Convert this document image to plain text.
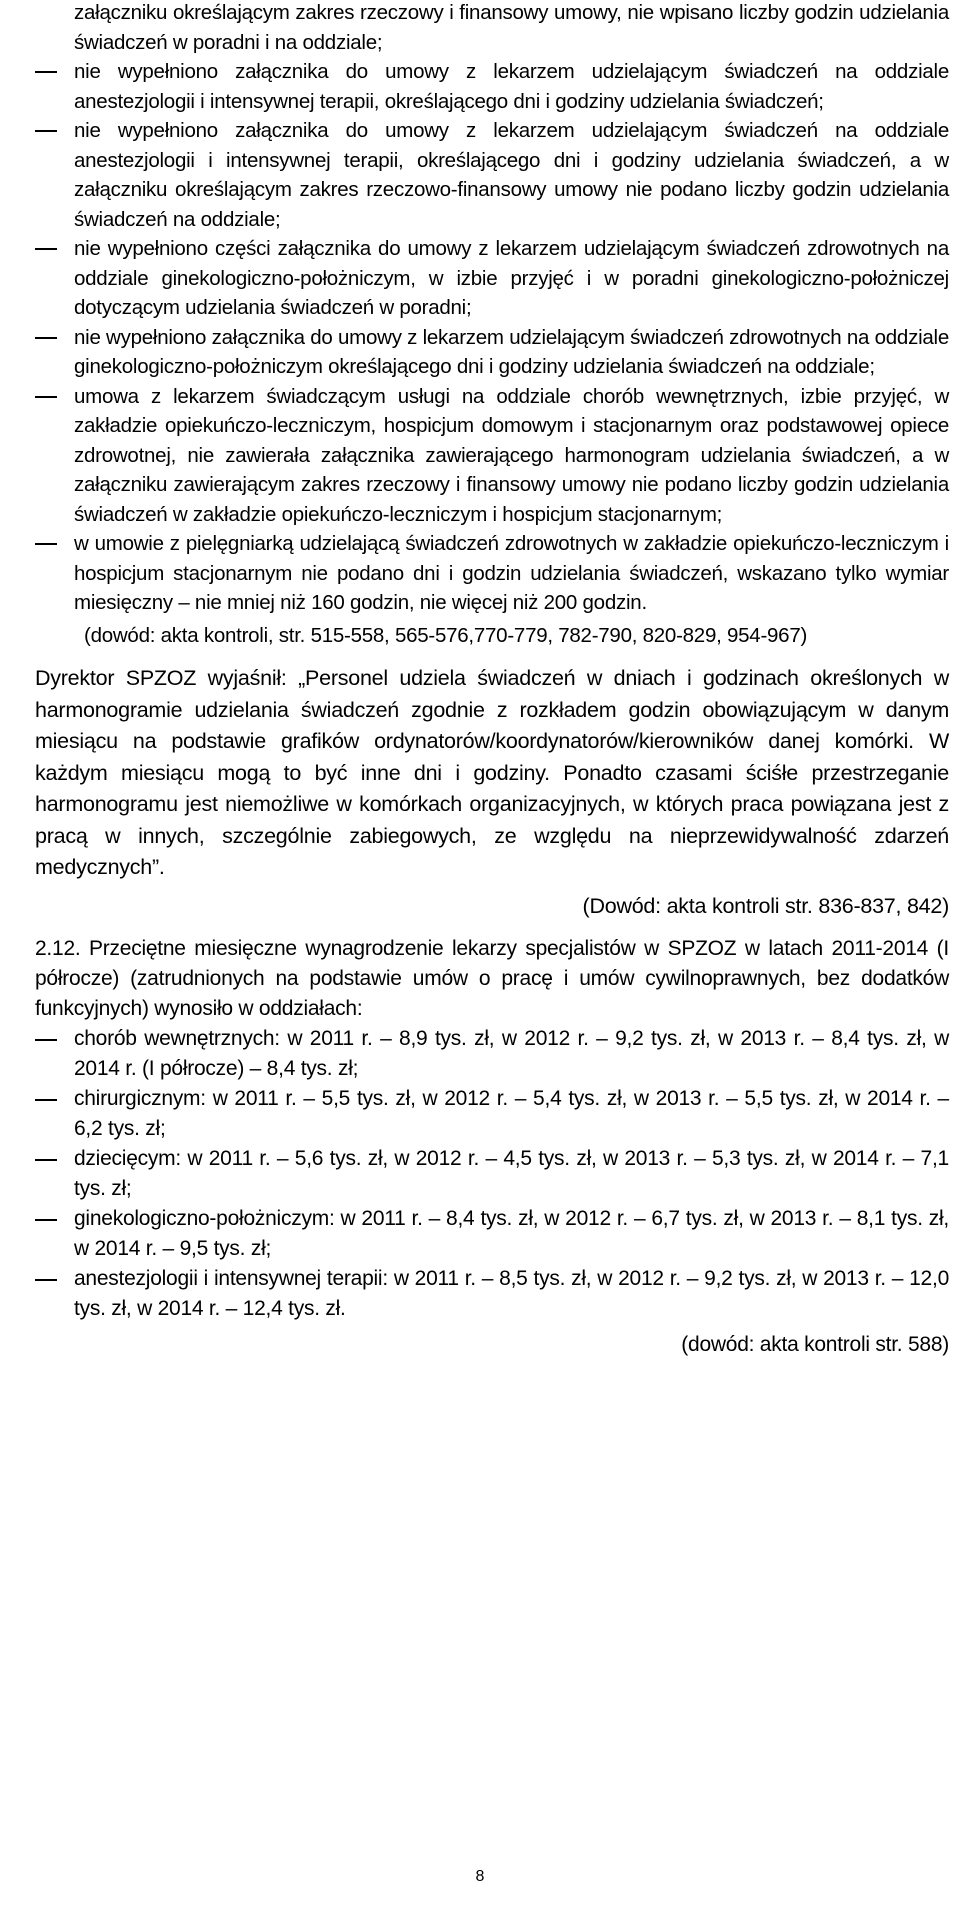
załączniku określającym zakres rzeczowy i finansowy umowy, nie wpisano liczby godzin udzielania świadczeń w poradni i na oddziale;

nie wypełniono załącznika do umowy z lekarzem udzielającym świadczeń na oddziale anestezjologii i intensywnej terapii, określającego dni i godziny udzielania świadczeń;

nie wypełniono załącznika do umowy z lekarzem udzielającym świadczeń na oddziale anestezjologii i intensywnej terapii, określającego dni i godziny udzielania świadczeń, a w załączniku określającym zakres rzeczowo-finansowy umowy nie podano liczby godzin udzielania świadczeń na oddziale;

nie wypełniono części załącznika do umowy z lekarzem udzielającym świadczeń zdrowotnych na oddziale ginekologiczno-położniczym, w izbie przyjęć i w poradni ginekologiczno-położniczej dotyczącym udzielania świadczeń w poradni;

nie wypełniono załącznika do umowy z lekarzem udzielającym świadczeń zdrowotnych na oddziale ginekologiczno-położniczym określającego dni i godziny udzielania świadczeń na oddziale;

umowa z lekarzem świadczącym usługi na oddziale chorób wewnętrznych, izbie przyjęć, w zakładzie opiekuńczo-leczniczym, hospicjum domowym i stacjonarnym oraz podstawowej opiece zdrowotnej, nie zawierała załącznika zawierającego harmonogram udzielania świadczeń, a w załączniku zawierającym zakres rzeczowy i finansowy umowy nie podano liczby godzin udzielania świadczeń w zakładzie opiekuńczo-leczniczym i hospicjum stacjonarnym;

w umowie z pielęgniarką udzielającą świadczeń zdrowotnych w zakładzie opiekuńczo-leczniczym i hospicjum stacjonarnym nie podano dni i godzin udzielania świadczeń, wskazano tylko wymiar miesięczny – nie mniej niż 160 godzin, nie więcej niż 200 godzin.

(dowód: akta kontroli, str. 515-558, 565-576,770-779, 782-790, 820-829, 954-967)

Dyrektor SPZOZ wyjaśnił: „Personel udziela świadczeń w dniach i godzinach określonych w harmonogramie udzielania świadczeń zgodnie z rozkładem godzin obowiązującym w danym miesiącu na podstawie grafików ordynatorów/koordynatorów/kierowników danej komórki. W każdym miesiącu mogą to być inne dni i godziny. Ponadto czasami ściśłe przestrzeganie harmonogramu jest niemożliwe w komórkach organizacyjnych, w których praca powiązana jest z pracą w innych, szczególnie zabiegowych, ze względu na nieprzewidywalność zdarzeń medycznych”.

(Dowód: akta kontroli str. 836-837, 842)

2.12. Przeciętne miesięczne wynagrodzenie lekarzy specjalistów w SPZOZ w latach 2011-2014 (I półrocze) (zatrudnionych na podstawie umów o pracę i umów cywilnoprawnych, bez dodatków funkcyjnych) wynosiło w oddziałach:

chorób wewnętrznych: w 2011 r. – 8,9 tys. zł, w 2012 r. – 9,2 tys. zł, w 2013 r. – 8,4 tys. zł, w 2014 r. (I półrocze) – 8,4 tys. zł;

chirurgicznym: w 2011 r. – 5,5 tys. zł, w 2012 r. – 5,4 tys. zł, w 2013 r. – 5,5 tys. zł, w 2014 r. – 6,2 tys. zł;

dziecięcym: w 2011 r. – 5,6 tys. zł, w 2012 r. – 4,5 tys. zł, w 2013 r. – 5,3 tys. zł, w 2014 r. – 7,1 tys. zł;

ginekologiczno-położniczym: w 2011 r. – 8,4 tys. zł, w 2012 r. – 6,7 tys. zł, w 2013 r. – 8,1 tys. zł, w 2014 r. – 9,5 tys. zł;

anestezjologii i intensywnej terapii: w 2011 r. – 8,5 tys. zł, w 2012 r. – 9,2 tys. zł, w 2013 r. – 12,0 tys. zł, w 2014 r. – 12,4 tys. zł.

(dowód: akta kontroli str. 588)

8
